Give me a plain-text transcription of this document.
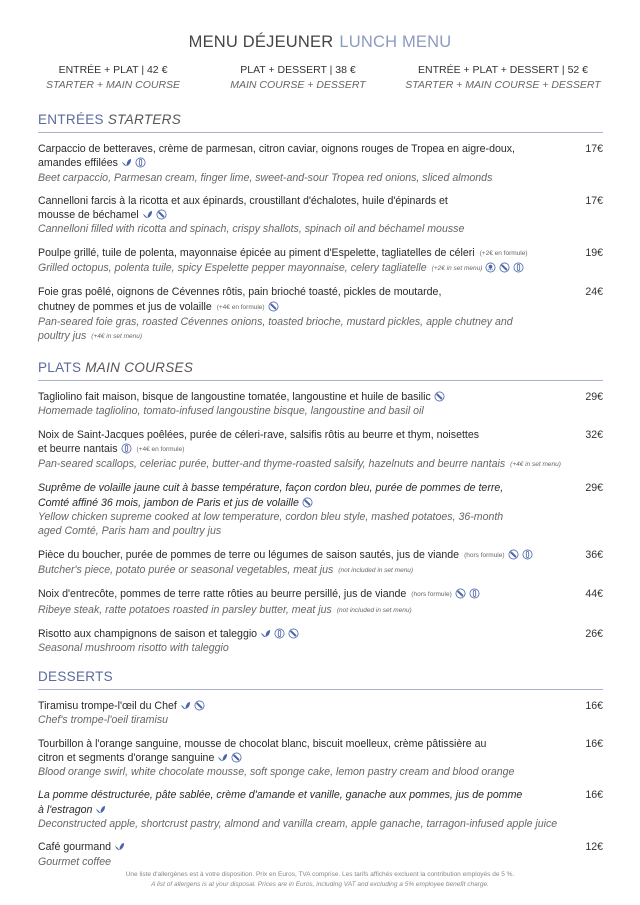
MENU DÉJEUNER LUNCH MENU
ENTRÉE + PLAT | 42 €
STARTER + MAIN COURSE
PLAT + DESSERT | 38 €
MAIN COURSE + DESSERT
ENTRÉE + PLAT + DESSERT | 52 €
STARTER + MAIN COURSE + DESSERT
ENTRÉES STARTERS
Carpaccio de betteraves, crème de parmesan, citron caviar, oignons rouges de Tropea en aigre-doux,
amandes effilées
Beet carpaccio, Parmesan cream, finger lime, sweet-and-sour Tropea red onions, sliced almonds
17€
Cannelloni farcis à la ricotta et aux épinards, croustillant d'échalotes, huile d'épinards et
mousse de béchamel
Cannelloni filled with ricotta and spinach, crispy shallots, spinach oil and béchamel mousse
17€
Poulpe grillé, tuile de polenta, mayonnaise épicée au piment d'Espelette, tagliatelles de céleri (+2€ en formule)
Grilled octopus, polenta tuile, spicy Espelette pepper mayonnaise, celery tagliatelle (+2€ in set menu)
19€
Foie gras poêlé, oignons de Cévennes rôtis, pain brioché toasté, pickles de moutarde,
chutney de pommes et jus de volaille (+4€ en formule)
Pan-seared foie gras, roasted Cévennes onions, toasted brioche, mustard pickles, apple chutney and
poultry jus (+4€ in set menu)
24€
PLATS MAIN COURSES
Tagliolino fait maison, bisque de langoustine tomatée, langoustine et huile de basilic
Homemade tagliolino, tomato-infused langoustine bisque, langoustine and basil oil
29€
Noix de Saint-Jacques poêlées, purée de céleri-rave, salsifis rôtis au beurre et thym, noisettes
et beurre nantais	(+4€ en formule)
Pan-seared scallops, celeriac purée, butter-and thyme-roasted salsify, hazelnuts and beurre nantais (+4€ in set menu)
32€
Suprême de volaille jaune cuit à basse température, façon cordon bleu, purée de pommes de terre,
Comté affiné 36 mois, jambon de Paris et jus de volaille
Yellow chicken supreme cooked at low temperature, cordon bleu style, mashed potatoes, 36-month
aged Comté, Paris ham and poultry jus
29€
Pièce du boucher, purée de pommes de terre ou légumes de saison sautés, jus de viande (hors formule)
Butcher's piece, potato purée or seasonal vegetables, meat jus (not included in set menu)
36€
Noix d'entrecôte, pommes de terre ratte rôties au beurre persillé, jus de viande (hors formule)
Ribeye steak, ratte potatoes roasted in parsley butter, meat jus (not included in set menu)
44€
Risotto aux champignons de saison et taleggio
Seasonal mushroom risotto with taleggio
26€
DESSERTS
Tiramisu trompe-l'œil du Chef
Chef's trompe-l'oeil tiramisu
16€
Tourbillon à l'orange sanguine, mousse de chocolat blanc, biscuit moelleux, crème pâtissière au
citron et segments d'orange sanguine
Blood orange swirl, white chocolate mousse, soft sponge cake, lemon pastry cream and blood orange
16€
La pomme déstructurée, pâte sablée, crème d'amande et vanille, ganache aux pommes, jus de pomme
à l'estragon
Deconstructed apple, shortcrust pastry, almond and vanilla cream, apple ganache, tarragon-infused apple juice
16€
Café gourmand
Gourmet coffee
12€
Une liste d'allergènes est à votre disposition. Prix en Euros, TVA comprise. Les tarifs affichés excluent la contribution employés de 5 %.
A list of allergens is at your disposal. Prices are in Euros, including VAT and excluding a 5% employee benefit charge.
